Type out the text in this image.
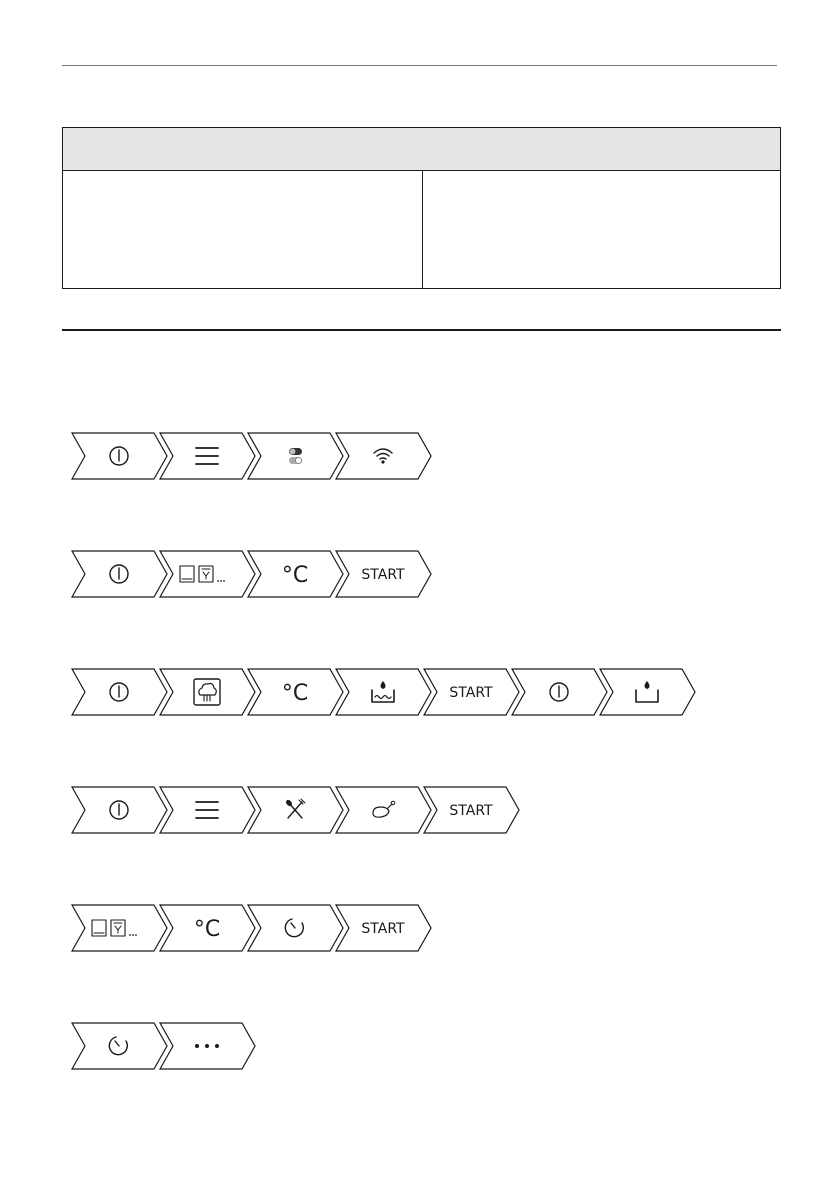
°C	START
°C	START
START
°C	START
